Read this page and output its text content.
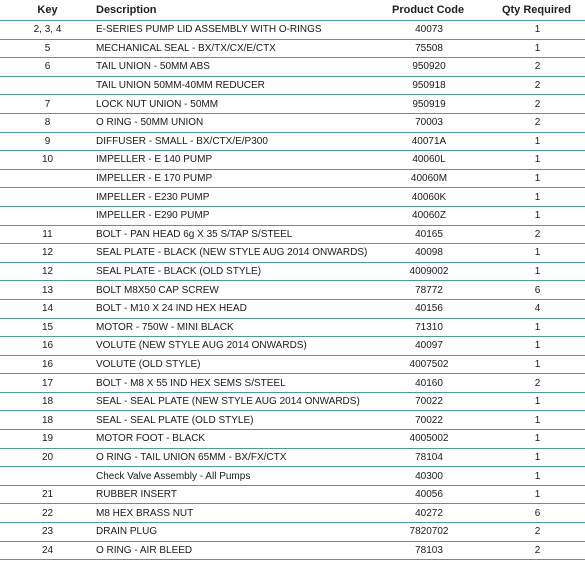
Key	Description	Product Code	Qty Required
2, 3, 4	E-SERIES PUMP LID ASSEMBLY WITH O-RINGS	40073	1
5	MECHANICAL SEAL - BX/TX/CX/E/CTX	75508	1
6	TAIL UNION - 50MM ABS	950920	2
	TAIL UNION 50MM-40MM REDUCER	950918	2
7	LOCK NUT UNION - 50MM	950919	2
8	O RING - 50MM UNION	70003	2
9	DIFFUSER - SMALL - BX/CTX/E/P300	40071A	1
10	IMPELLER - E 140 PUMP	40060L	1
	IMPELLER - E 170 PUMP	40060M	1
	IMPELLER - E230 PUMP	40060K	1
	IMPELLER - E290 PUMP	40060Z	1
11	BOLT - PAN HEAD 6g X 35 S/TAP S/STEEL	40165	2
12	SEAL PLATE - BLACK (NEW STYLE AUG 2014 ONWARDS)	40098	1
12	SEAL PLATE - BLACK (OLD STYLE)	4009002	1
13	BOLT M8X50 CAP SCREW	78772	6
14	BOLT - M10 X 24 IND HEX HEAD	40156	4
15	MOTOR - 750W - MINI BLACK	71310	1
16	VOLUTE (NEW STYLE AUG 2014 ONWARDS)	40097	1
16	VOLUTE (OLD STYLE)	4007502	1
17	BOLT - M8 X 55 IND HEX SEMS S/STEEL	40160	2
18	SEAL - SEAL PLATE (NEW STYLE AUG 2014 ONWARDS)	70022	1
18	SEAL - SEAL PLATE (OLD STYLE)	70022	1
19	MOTOR FOOT - BLACK	4005002	1
20	O RING - TAIL UNION 65MM - BX/FX/CTX	78104	1
	Check Valve Assembly - All Pumps	40300	1
21	RUBBER INSERT	40056	1
22	M8 HEX BRASS NUT	40272	6
23	DRAIN PLUG	7820702	2
24	O RING - AIR BLEED	78103	2
